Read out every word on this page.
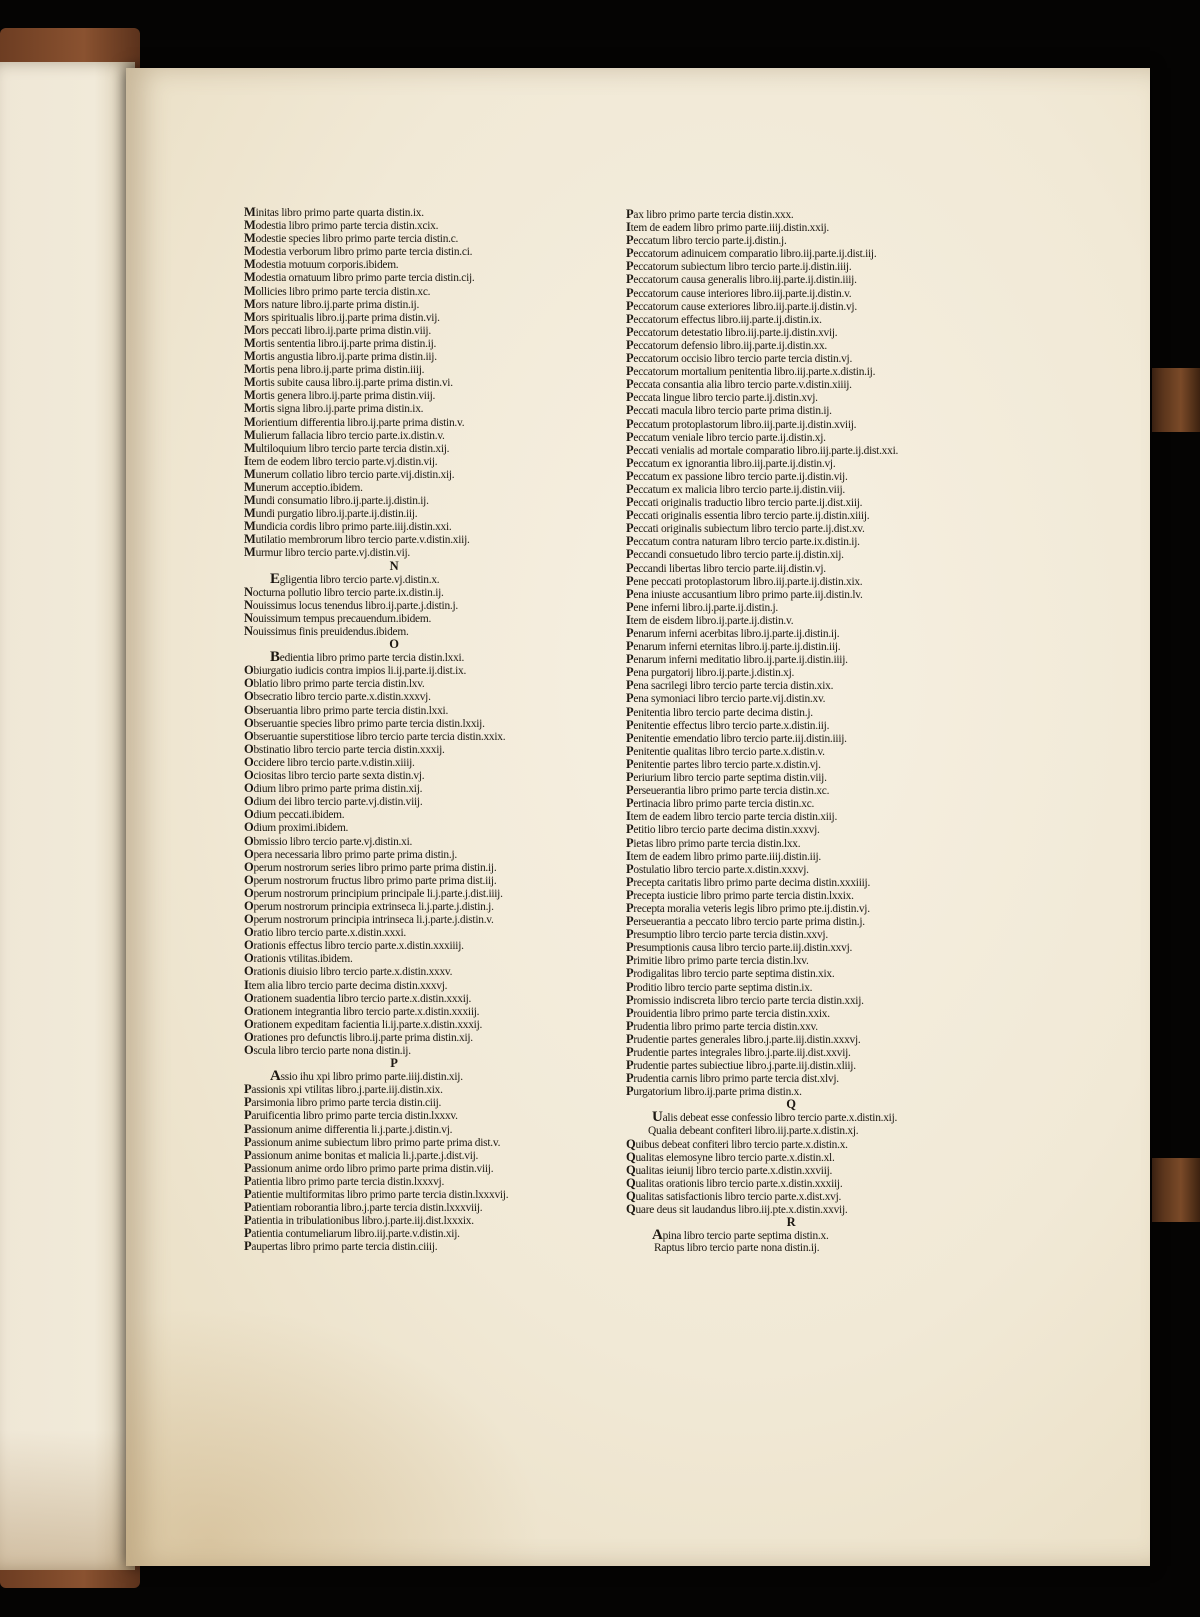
Minitas libro primo parte quarta distin.ix.
Modestia libro primo parte tercia distin.xcix.
Modestie species libro primo parte tercia distin.c.
Modestia verborum libro primo parte tercia distin.ci.
Modestia motuum corporis.ibidem.
Modestia ornatuum libro primo parte tercia distin.cij.
Mollicies libro primo parte tercia distin.xc.
Mors nature libro.ij.parte prima distin.ij.
Mors spiritualis libro.ij.parte prima distin.vij.
Mors peccati libro.ij.parte prima distin.viij.
Mortis sententia libro.ij.parte prima distin.ij.
Mortis angustia libro.ij.parte prima distin.iij.
Mortis pena libro.ij.parte prima distin.iiij.
Mortis subite causa libro.ij.parte prima distin.vi.
Mortis genera libro.ij.parte prima distin.viij.
Mortis signa libro.ij.parte prima distin.ix.
Morientium differentia libro.ij.parte prima distin.v.
Mulierum fallacia libro tercio parte.ix.distin.v.
Multiloquium libro tercio parte tercia distin.xij.
Item de eodem libro tercio parte.vj.distin.vij.
Munerum collatio libro tercio parte.vij.distin.xij.
Munerum acceptio.ibidem.
Mundi consumatio libro.ij.parte.ij.distin.ij.
Mundi purgatio libro.ij.parte.ij.distin.iij.
Mundicia cordis libro primo parte.iiij.distin.xxi.
Mutilatio membrorum libro tercio parte.v.distin.xiij.
Murmur libro tercio parte.vj.distin.vij.
N
Egligentia libro tercio parte.vj.distin.x.
Nocturna pollutio libro tercio parte.ix.distin.ij.
Nouissimus locus tenendus libro.ij.parte.j.distin.j.
Nouissimum tempus precauendum.ibidem.
Nouissimus finis preuidendus.ibidem.
O
Bedientia libro primo parte tercia distin.lxxi.
Obiurgatio iudicis contra impios li.ij.parte.ij.dist.ix.
Oblatio libro primo parte tercia distin.lxv.
Obsecratio libro tercio parte.x.distin.xxxvj.
Obseruantia libro primo parte tercia distin.lxxi.
Obseruantie species libro primo parte tercia distin.lxxij.
Obseruantie superstitiose libro tercio parte tercia distin.xxix.
Obstinatio libro tercio parte tercia distin.xxxij.
Occidere libro tercio parte.v.distin.xiiij.
Ociositas libro tercio parte sexta distin.vj.
Odium libro primo parte prima distin.xij.
Odium dei libro tercio parte.vj.distin.viij.
Odium peccati.ibidem.
Odium proximi.ibidem.
Obmissio libro tercio parte.vj.distin.xi.
Opera necessaria libro primo parte prima distin.j.
Operum nostrorum series libro primo parte prima distin.ij.
Operum nostrorum fructus libro primo parte prima dist.iij.
Operum nostrorum principium principale li.j.parte.j.dist.iiij.
Operum nostrorum principia extrinseca li.j.parte.j.distin.j.
Operum nostrorum principia intrinseca li.j.parte.j.distin.v.
Oratio libro tercio parte.x.distin.xxxi.
Orationis effectus libro tercio parte.x.distin.xxxiiij.
Orationis vtilitas.ibidem.
Orationis diuisio libro tercio parte.x.distin.xxxv.
Item alia libro tercio parte decima distin.xxxvj.
Orationem suadentia libro tercio parte.x.distin.xxxij.
Orationem integrantia libro tercio parte.x.distin.xxxiij.
Orationem expeditam facientia li.ij.parte.x.distin.xxxij.
Orationes pro defunctis libro.ij.parte prima distin.xij.
Oscula libro tercio parte nona distin.ij.
P
Assio ihu xpi libro primo parte.iiij.distin.xij.
Passionis xpi vtilitas libro.j.parte.iij.distin.xix.
Parsimonia libro primo parte tercia distin.ciij.
Paruificentia libro primo parte tercia distin.lxxxv.
Passionum anime differentia li.j.parte.j.distin.vj.
Passionum anime subiectum libro primo parte prima dist.v.
Passionum anime bonitas et malicia li.j.parte.j.dist.vij.
Passionum anime ordo libro primo parte prima distin.viij.
Patientia libro primo parte tercia distin.lxxxvj.
Patientie multiformitas libro primo parte tercia distin.lxxxvij.
Patientiam roborantia libro.j.parte tercia distin.lxxxviij.
Patientia in tribulationibus libro.j.parte.iij.dist.lxxxix.
Patientia contumeliarum libro.iij.parte.v.distin.xij.
Paupertas libro primo parte tercia distin.ciiij.
Pax libro primo parte tercia distin.xxx.
Item de eadem libro primo parte.iiij.distin.xxij.
Peccatum libro tercio parte.ij.distin.j.
Peccatorum adinuicem comparatio libro.iij.parte.ij.dist.iij.
Peccatorum subiectum libro tercio parte.ij.distin.iiij.
Peccatorum causa generalis libro.iij.parte.ij.distin.iiij.
Peccatorum cause interiores libro.iij.parte.ij.distin.v.
Peccatorum cause exteriores libro.iij.parte.ij.distin.vj.
Peccatorum effectus libro.iij.parte.ij.distin.ix.
Peccatorum detestatio libro.iij.parte.ij.distin.xvij.
Peccatorum defensio libro.iij.parte.ij.distin.xx.
Peccatorum occisio libro tercio parte tercia distin.vj.
Peccatorum mortalium penitentia libro.iij.parte.x.distin.ij.
Peccata consantia alia libro tercio parte.v.distin.xiiij.
Peccata lingue libro tercio parte.ij.distin.xvj.
Peccati macula libro tercio parte prima distin.ij.
Peccatum protoplastorum libro.iij.parte.ij.distin.xviij.
Peccatum veniale libro tercio parte.ij.distin.xj.
Peccati venialis ad mortale comparatio libro.iij.parte.ij.dist.xxi.
Peccatum ex ignorantia libro.iij.parte.ij.distin.vj.
Peccatum ex passione libro tercio parte.ij.distin.vij.
Peccatum ex malicia libro tercio parte.ij.distin.viij.
Peccati originalis traductio libro tercio parte.ij.dist.xiij.
Peccati originalis essentia libro tercio parte.ij.distin.xiiij.
Peccati originalis subiectum libro tercio parte.ij.dist.xv.
Peccatum contra naturam libro tercio parte.ix.distin.ij.
Peccandi consuetudo libro tercio parte.ij.distin.xij.
Peccandi libertas libro tercio parte.iij.distin.vj.
Pene peccati protoplastorum libro.iij.parte.ij.distin.xix.
Pena iniuste accusantium libro primo parte.iij.distin.lv.
Pene inferni libro.ij.parte.ij.distin.j.
Item de eisdem libro.ij.parte.ij.distin.v.
Penarum inferni acerbitas libro.ij.parte.ij.distin.ij.
Penarum inferni eternitas libro.ij.parte.ij.distin.iij.
Penarum inferni meditatio libro.ij.parte.ij.distin.iiij.
Pena purgatorij libro.ij.parte.j.distin.xj.
Pena sacrilegi libro tercio parte tercia distin.xix.
Pena symoniaci libro tercio parte.vij.distin.xv.
Penitentia libro tercio parte decima distin.j.
Penitentie effectus libro tercio parte.x.distin.iij.
Penitentie emendatio libro tercio parte.iij.distin.iiij.
Penitentie qualitas libro tercio parte.x.distin.v.
Penitentie partes libro tercio parte.x.distin.vj.
Periurium libro tercio parte septima distin.viij.
Perseuerantia libro primo parte tercia distin.xc.
Pertinacia libro primo parte tercia distin.xc.
Item de eadem libro tercio parte tercia distin.xiij.
Petitio libro tercio parte decima distin.xxxvj.
Pietas libro primo parte tercia distin.lxx.
Item de eadem libro primo parte.iiij.distin.iij.
Postulatio libro tercio parte.x.distin.xxxvj.
Precepta caritatis libro primo parte decima distin.xxxiiij.
Precepta iusticie libro primo parte tercia distin.lxxix.
Precepta moralia veteris legis libro primo pte.ij.distin.vj.
Perseuerantia a peccato libro tercio parte prima distin.j.
Presumptio libro tercio parte tercia distin.xxvj.
Presumptionis causa libro tercio parte.iij.distin.xxvj.
Primitie libro primo parte tercia distin.lxv.
Prodigalitas libro tercio parte septima distin.xix.
Proditio libro tercio parte septima distin.ix.
Promissio indiscreta libro tercio parte tercia distin.xxij.
Prouidentia libro primo parte tercia distin.xxix.
Prudentia libro primo parte tercia distin.xxv.
Prudentie partes generales libro.j.parte.iij.distin.xxxvj.
Prudentie partes integrales libro.j.parte.iij.dist.xxvij.
Prudentie partes subiectiue libro.j.parte.iij.distin.xliij.
Prudentia carnis libro primo parte tercia dist.xlvj.
Purgatorium libro.ij.parte prima distin.x.
Q
Ualis debeat esse confessio libro tercio parte.x.distin.xij.
Qualia debeant confiteri libro.iij.parte.x.distin.xj.
Quibus debeat confiteri libro tercio parte.x.distin.x.
Qualitas elemosyne libro tercio parte.x.distin.xl.
Qualitas ieiunij libro tercio parte.x.distin.xxviij.
Qualitas orationis libro tercio parte.x.distin.xxxiij.
Qualitas satisfactionis libro tercio parte.x.dist.xvj.
Quare deus sit laudandus libro.iij.pte.x.distin.xxvij.
R
Apina libro tercio parte septima distin.x.
Raptus libro tercio parte nona distin.ij.
